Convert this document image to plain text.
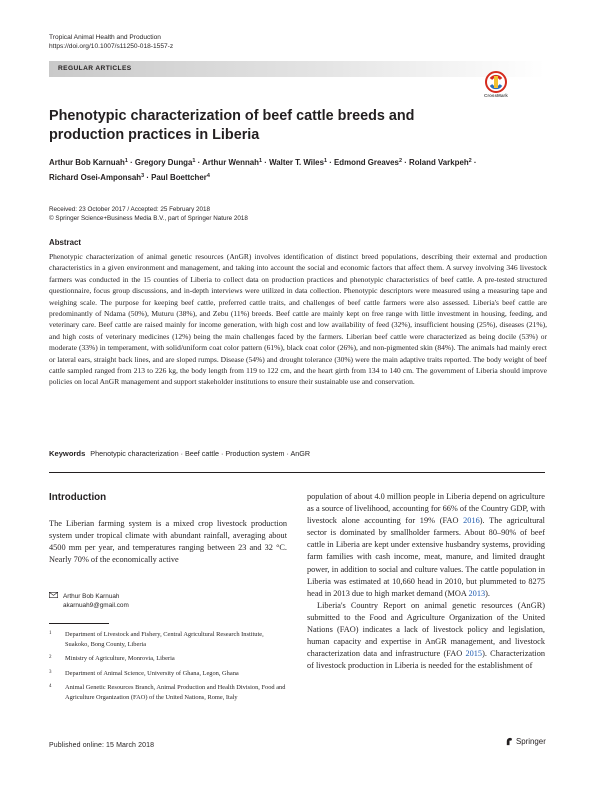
Tropical Animal Health and Production
https://doi.org/10.1007/s11250-018-1557-z
REGULAR ARTICLES
CrossMark
Phenotypic characterization of beef cattle breeds and production practices in Liberia
Arthur Bob Karnuah$^1$ · Gregory Dunga$^1$ · Arthur Wennah$^1$ · Walter T. Wiles$^1$ · Edmond Greaves$^2$ · Roland Varkpeh$^2$ ·
Richard Osei-Amponsah$^3$ · Paul Boettcher$^4$
Received: 23 October 2017 / Accepted: 25 February 2018
© Springer Science+Business Media B.V., part of Springer Nature 2018
Abstract
Phenotypic characterization of animal genetic resources (AnGR) involves identification of distinct breed populations, describing their external and production characteristics in a given environment and management, and taking into account the social and economic factors that affect them. A survey involving 346 livestock farmers was conducted in the 15 counties of Liberia to collect data on production practices and phenotypic characteristics of beef cattle. A pre-tested structured questionnaire, focus group discussions, and in-depth interviews were utilized in data collection. Phenotypic descriptors were measured using a measuring tape and weighing scale. The purpose for keeping beef cattle, preferred cattle traits, and challenges of beef cattle farmers were also assessed. Liberia's beef cattle are predominantly of Ndama (50%), Muturu (38%), and Zebu (11%) breeds. Beef cattle are mainly kept on free range with little investment in housing, feeding, and veterinary care. Beef cattle are raised mainly for income generation, with high cost and low availability of feed (32%), insufficient housing (25%), diseases (21%), and high costs of veterinary medicines (12%) being the main challenges faced by the farmers. Liberian beef cattle were characterized as being docile (53%) or moderate (33%) in temperament, with solid/uniform coat color pattern (61%), black coat color (26%), and non-pigmented skin (84%). The animals had mainly erect or lateral ears, straight back lines, and are sloped rumps. Disease (54%) and drought tolerance (30%) were the main adaptive traits reported. The body weight of beef cattle sampled ranged from 213 to 226 kg, the body length from 119 to 122 cm, and the heart girth from 134 to 140 cm. The government of Liberia should improve policies on local AnGR management and support stakeholder institutions to ensure their sustainable use and conservation.
Keywords Phenotypic characterization · Beef cattle · Production system · AnGR
Introduction

The Liberian farming system is a mixed crop livestock production system under tropical climate with abundant rainfall, averaging about 4500 mm per year, and temperatures ranging between 23 and 32 °C. Nearly 70% of the economically active

population of about 4.0 million people in Liberia depend on agriculture as a source of livelihood, accounting for 66% of the Country GDP, with livestock alone accounting for 19% (FAO 2016). The agricultural sector is dominated by smallholder farmers. About 80–90% of beef cattle in Liberia are kept under extensive husbandry systems, providing farm families with cash income, meat, manure, and limited draught power, in addition to social and culture values. The cattle population in Liberia was estimated at 10,660 head in 2010, but plummeted to 8275 head in 2013 due to high market demand (MOA 2013).

Liberia's Country Report on animal genetic resources (AnGR) submitted to the Food and Agriculture Organization of the United Nations (FAO) indicates a lack of livestock policy and legislation, human capacity and expertise in AnGR management, and livestock characterization data and infrastructure (FAO 2015). Characterization of livestock production in Liberia is needed for the establishment of

Arthur Bob Karnuah
akarnuah9@gmail.com
1 Department of Livestock and Fishery, Central Agricultural Research Institute, Suakoko, Bong County, Liberia
2 Ministry of Agriculture, Monrovia, Liberia
3 Department of Animal Science, University of Ghana, Legon, Ghana
4 Animal Genetic Resources Branch, Animal Production and Health Division, Food and Agriculture Organization (FAO) of the United Nations, Rome, Italy
Published online: 15 March 2018	Springer
